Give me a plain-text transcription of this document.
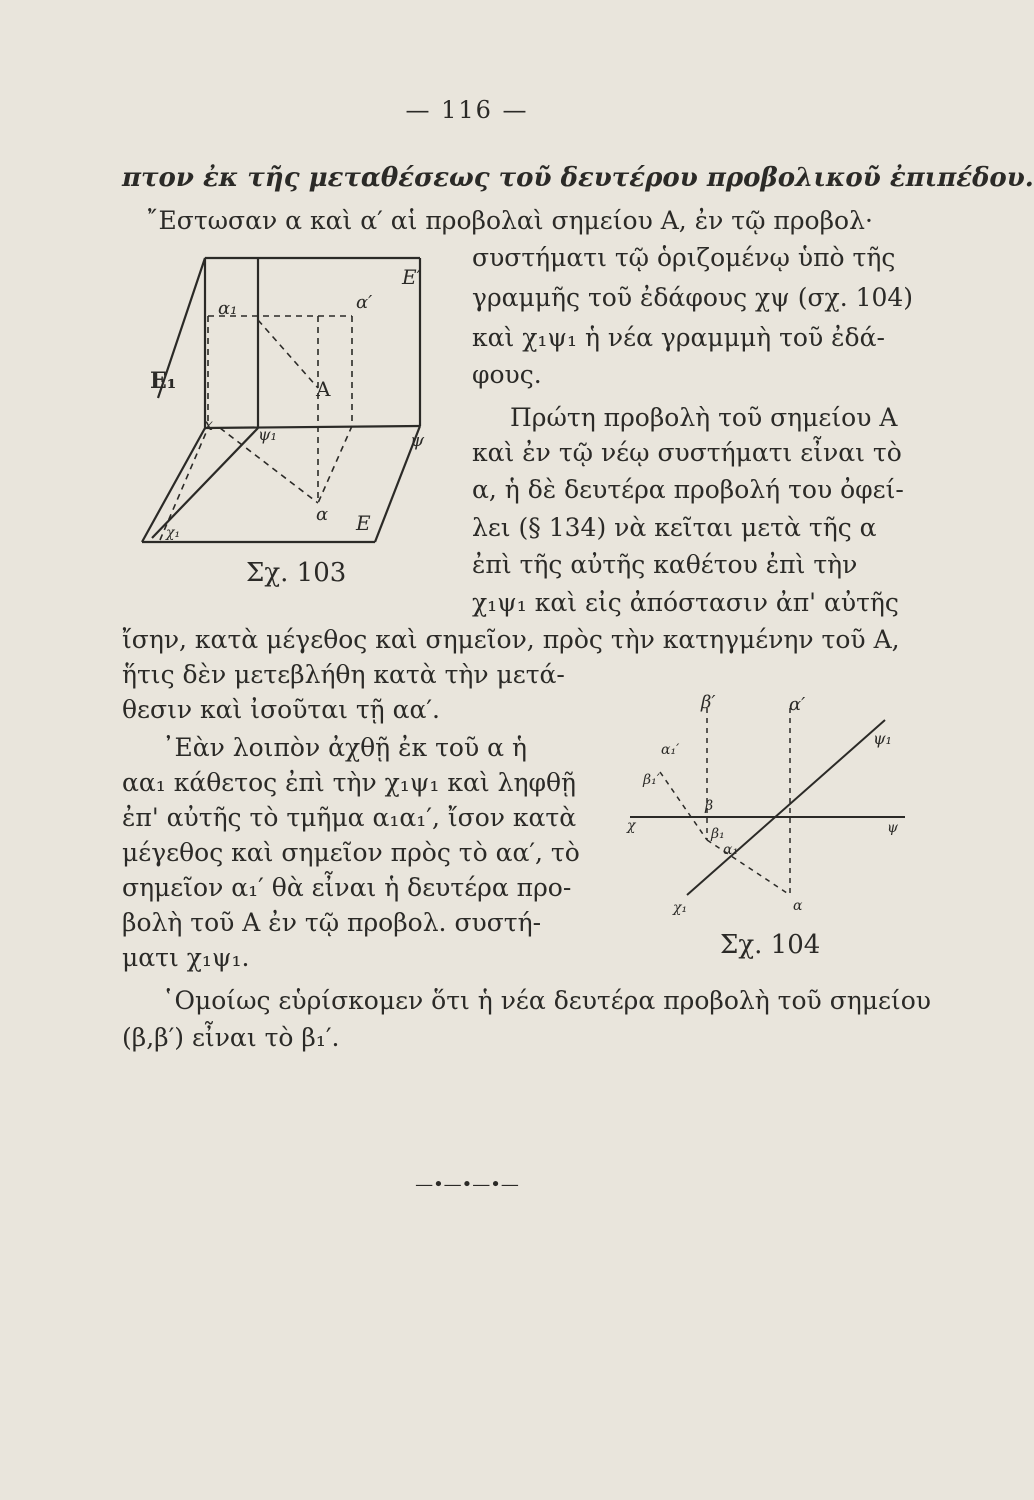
— 116 —
πτον ἐκ τῆς μεταθέσεως τοῦ δευτέρου προβολικοῦ ἐπιπέδου.
῎Εστωσαν α καὶ α′ αἱ προβολαὶ σημείου Α, ἐν τῷ προβολ·
συστήματι τῷ ὁριζομένῳ ὑπὸ τῆς
γραμμῆς τοῦ ἐδάφους χψ (σχ. 104)
καὶ χ₁ψ₁ ἡ νέα γραμμμὴ τοῦ ἐδά-
φους.
Πρώτη προβολὴ τοῦ σημείου Α
καὶ ἐν τῷ νέῳ συστήματι εἶναι τὸ
α, ἡ δὲ δευτέρα προβολή του ὀφεί-
λει (§ 134) νὰ κεῖται μετὰ τῆς α
ἐπὶ τῆς αὐτῆς καθέτου ἐπὶ τὴν
χ₁ψ₁ καὶ εἰς ἀπόστασιν ἀπ' αὐτῆς
ἴσην, κατὰ μέγεθος καὶ σημεῖον, πρὸς τὴν κατηγμένην τοῦ Α,
ἥτις δὲν μετεβλήθη κατὰ τὴν μετά-
θεσιν καὶ ἰσοῦται τῇ αα′.
᾿Εὰν λοιπὸν ἀχθῇ ἐκ τοῦ α ἡ
αα₁ κάθετος ἐπὶ τὴν χ₁ψ₁ καὶ ληφθῇ
ἐπ' αὐτῆς τὸ τμῆμα α₁α₁′, ἴσον κατὰ
μέγεθος καὶ σημεῖον πρὸς τὸ αα′, τὸ
σημεῖον α₁′ θὰ εἶναι ἡ δευτέρα προ-
βολὴ τοῦ Α ἐν τῷ προβολ. συστή-
ματι χ₁ψ₁.
῾Ομοίως εὑρίσκομεν ὅτι ἡ νέα δευτέρα προβολὴ τοῦ σημείου
(β,β′) εἶναι τὸ β₁′.
E′
α₁	α′
E₁	A
x
ψ₁	ψ
α E
χ₁
Σχ. 103
β′	α′
α₁′
β₁′
χ₁
ψ₁
β
α
χ	ψ
β₁
α₁
Σχ. 104
—•—•—•—
